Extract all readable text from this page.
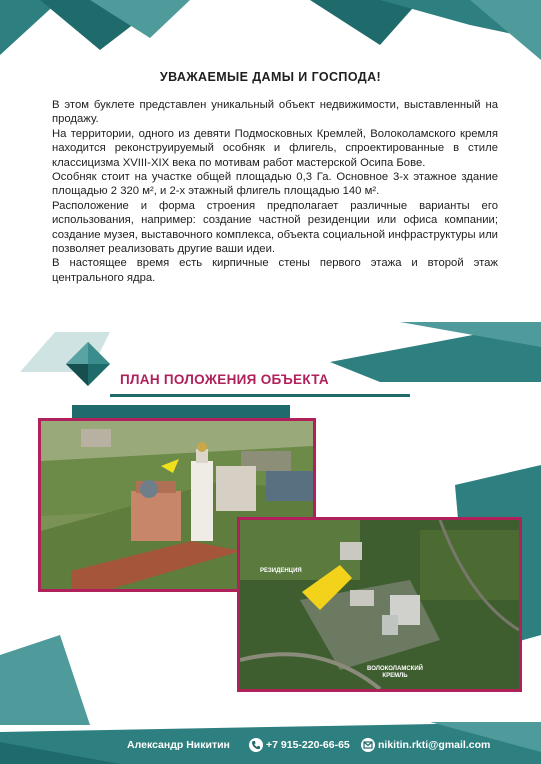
УВАЖАЕМЫЕ ДАМЫ И ГОСПОДА!

В этом буклете представлен уникальный объект недвижимости, выставленный на продажу.

На территории, одного из девяти Подмосковных Кремлей, Волоколамского кремля находится реконструируемый особняк и флигель, спроектированные в стиле классицизма XVIII-XIX века по мотивам работ мастерской Осипа Бове.

Особняк стоит на участке общей площадью 0,3 Га. Основное 3-х этажное здание площадью 2 320 м², и 2-х этажный флигель площадью 140 м².

Расположение и форма строения предполагает различные варианты его использования, например: создание частной резиденции или офиса компании; создание музея, выставочного комплекса, объекта социальной инфраструктуры или позволяет реализовать другие ваши идеи.

В настоящее время есть кирпичные стены первого этажа и второй этаж центрального ядра.

ПЛАН ПОЛОЖЕНИЯ ОБЪЕКТА
РЕЗИДЕНЦИЯ
ВОЛОКОЛАМСКИЙ КРЕМЛЬ
Александр Никитин	+7 915-220-66-65	nikitin.rkti@gmail.com
